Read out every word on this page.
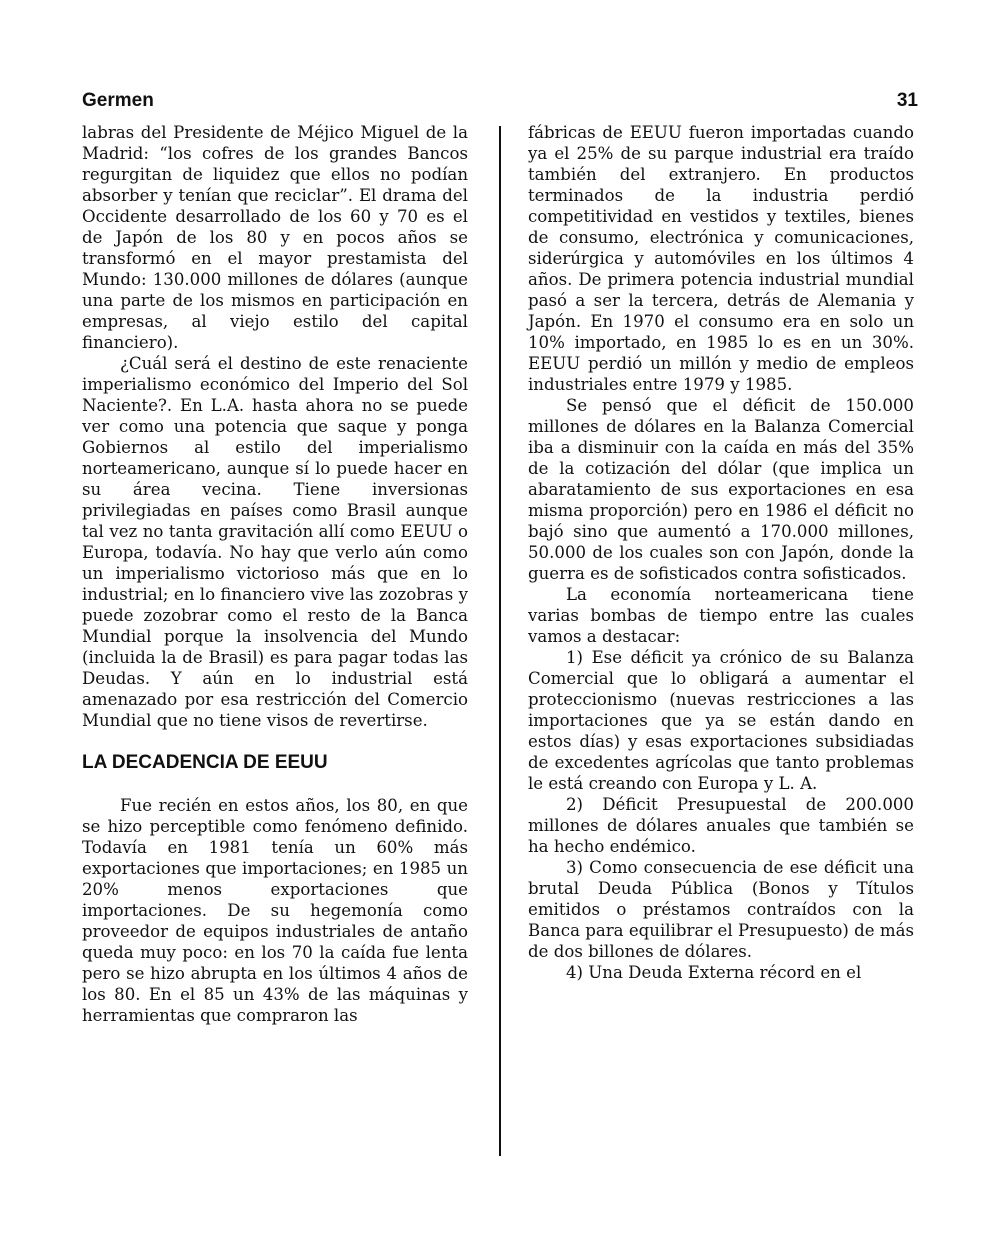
Germen	31

labras del Presidente de Méjico Miguel de la Madrid: “los cofres de los grandes Bancos regurgitan de liquidez que ellos no podían absorber y tenían que reciclar”. El drama del Occidente desarrollado de los 60 y 70 es el de Japón de los 80 y en pocos años se transformó en el mayor prestamista del Mundo: 130.000 millones de dólares (aunque una parte de los mismos en participación en empresas, al viejo estilo del capital financiero).

¿Cuál será el destino de este renaciente imperialismo económico del Imperio del Sol Naciente?. En L.A. hasta ahora no se puede ver como una potencia que saque y ponga Gobiernos al estilo del imperialismo norteamericano, aunque sí lo puede hacer en su área vecina. Tiene inversionas privilegiadas en países como Brasil aunque tal vez no tanta gravitación allí como EEUU o Europa, todavía. No hay que verlo aún como un imperialismo victorioso más que en lo industrial; en lo financiero vive las zozobras y puede zozobrar como el resto de la Banca Mundial porque la insolvencia del Mundo (incluida la de Brasil) es para pagar todas las Deudas. Y aún en lo industrial está amenazado por esa restricción del Comercio Mundial que no tiene visos de revertirse.

LA DECADENCIA DE EEUU

Fue recién en estos años, los 80, en que se hizo perceptible como fenómeno definido. Todavía en 1981 tenía un 60% más exportaciones que importaciones; en 1985 un 20% menos exportaciones que importaciones. De su hegemonía como proveedor de equipos industriales de antaño queda muy poco: en los 70 la caída fue lenta pero se hizo abrupta en los últimos 4 años de los 80. En el 85 un 43% de las máquinas y herramientas que compraron las

fábricas de EEUU fueron importadas cuando ya el 25% de su parque industrial era traído también del extranjero. En productos terminados de la industria perdió competitividad en vestidos y textiles, bienes de consumo, electrónica y comunicaciones, siderúrgica y automóviles en los últimos 4 años. De primera potencia industrial mundial pasó a ser la tercera, detrás de Alemania y Japón. En 1970 el consumo era en solo un 10% importado, en 1985 lo es en un 30%. EEUU perdió un millón y medio de empleos industriales entre 1979 y 1985.

Se pensó que el déficit de 150.000 millones de dólares en la Balanza Comercial iba a disminuir con la caída en más del 35% de la cotización del dólar (que implica un abaratamiento de sus exportaciones en esa misma proporción) pero en 1986 el déficit no bajó sino que aumentó a 170.000 millones, 50.000 de los cuales son con Japón, donde la guerra es de sofisticados contra sofisticados.

La economía norteamericana tiene varias bombas de tiempo entre las cuales vamos a destacar:

1) Ese déficit ya crónico de su Balanza Comercial que lo obligará a aumentar el proteccionismo (nuevas restricciones a las importaciones que ya se están dando en estos días) y esas exportaciones subsidiadas de excedentes agrícolas que tanto problemas le está creando con Europa y L. A.

2) Déficit Presupuestal de 200.000 millones de dólares anuales que también se ha hecho endémico.

3) Como consecuencia de ese déficit una brutal Deuda Pública (Bonos y Títulos emitidos o préstamos contraídos con la Banca para equilibrar el Presupuesto) de más de dos billones de dólares.

4) Una Deuda Externa récord en el
